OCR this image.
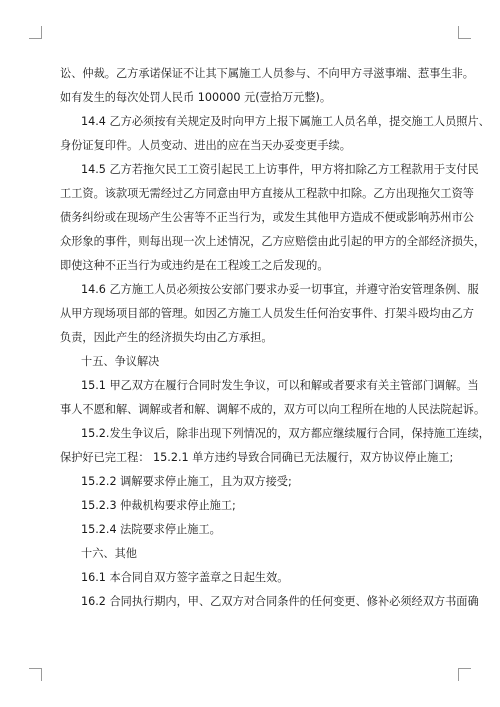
讼、仲裁。乙方承诺保证不让其下属施工人员参与、不向甲方寻滋事端、惹事生非。
如有发生的每次处罚人民币 100000 元(壹拾万元整)。
14.4 乙方必须按有关规定及时向甲方上报下属施工人员名单，提交施工人员照片、
身份证复印件。人员变动、进出的应在当天办妥变更手续。
14.5 乙方若拖欠民工工资引起民工上访事件，甲方将扣除乙方工程款用于支付民
工工资。该款项无需经过乙方同意由甲方直接从工程款中扣除。乙方出现拖欠工资等
债务纠纷或在现场产生公害等不正当行为，或发生其他甲方造成不便或影响苏州市公
众形象的事件，则每出现一次上述情况，乙方应赔偿由此引起的甲方的全部经济损失，
即使这种不正当行为或违约是在工程竣工之后发现的。
14.6 乙方施工人员必须按公安部门要求办妥一切事宜，并遵守治安管理条例、服
从甲方现场项目部的管理。如因乙方施工人员发生任何治安事件、打架斗殴均由乙方
负责，因此产生的经济损失均由乙方承担。
十五、争议解决
15.1 甲乙双方在履行合同时发生争议，可以和解或者要求有关主管部门调解。当
事人不愿和解、调解或者和解、调解不成的，双方可以向工程所在地的人民法院起诉。
15.2.发生争议后，除非出现下列情况的，双方都应继续履行合同，保持施工连续，
保护好已完工程： 15.2.1 单方违约导致合同确已无法履行，双方协议停止施工;
15.2.2 调解要求停止施工，且为双方接受;
15.2.3 仲裁机构要求停止施工;
15.2.4 法院要求停止施工。
十六、其他
16.1 本合同自双方签字盖章之日起生效。
16.2 合同执行期内，甲、乙双方对合同条件的任何变更、修补必须经双方书面确
